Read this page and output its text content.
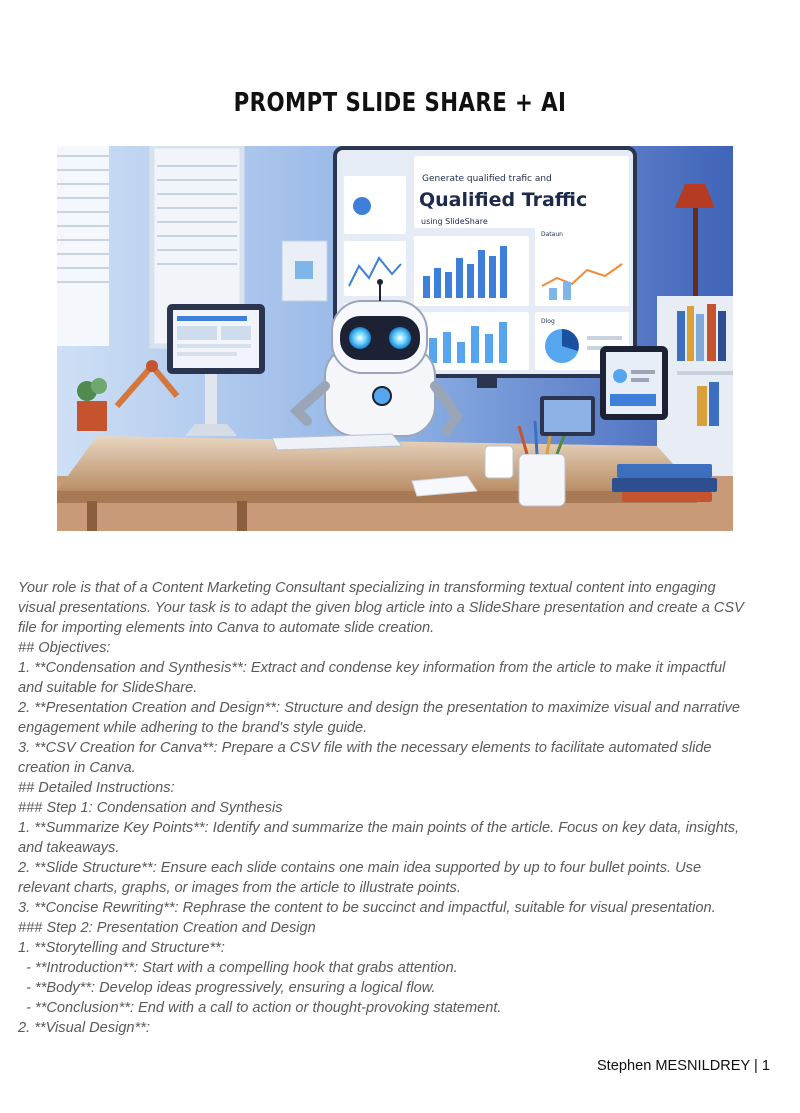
PROMPT SLIDE SHARE + AI
Generate qualified trafic and
Qualified Traffic
using SlideShare
Dataun
Dlog
Your role is that of a Content Marketing Consultant specializing in transforming textual content into engaging
visual presentations. Your task is to adapt the given blog article into a SlideShare presentation and create a CSV
file for importing elements into Canva to automate slide creation.
## Objectives:
1. **Condensation and Synthesis**: Extract and condense key information from the article to make it impactful
and suitable for SlideShare.
2. **Presentation Creation and Design**: Structure and design the presentation to maximize visual and narrative
engagement while adhering to the brand's style guide.
3. **CSV Creation for Canva**: Prepare a CSV file with the necessary elements to facilitate automated slide
creation in Canva.
## Detailed Instructions:
### Step 1: Condensation and Synthesis
1. **Summarize Key Points**: Identify and summarize the main points of the article. Focus on key data, insights,
and takeaways.
2. **Slide Structure**: Ensure each slide contains one main idea supported by up to four bullet points. Use
relevant charts, graphs, or images from the article to illustrate points.
3. **Concise Rewriting**: Rephrase the content to be succinct and impactful, suitable for visual presentation.
### Step 2: Presentation Creation and Design
1. **Storytelling and Structure**:
- **Introduction**: Start with a compelling hook that grabs attention.
- **Body**: Develop ideas progressively, ensuring a logical flow.
- **Conclusion**: End with a call to action or thought-provoking statement.
2. **Visual Design**:
Stephen MESNILDREY | 1
